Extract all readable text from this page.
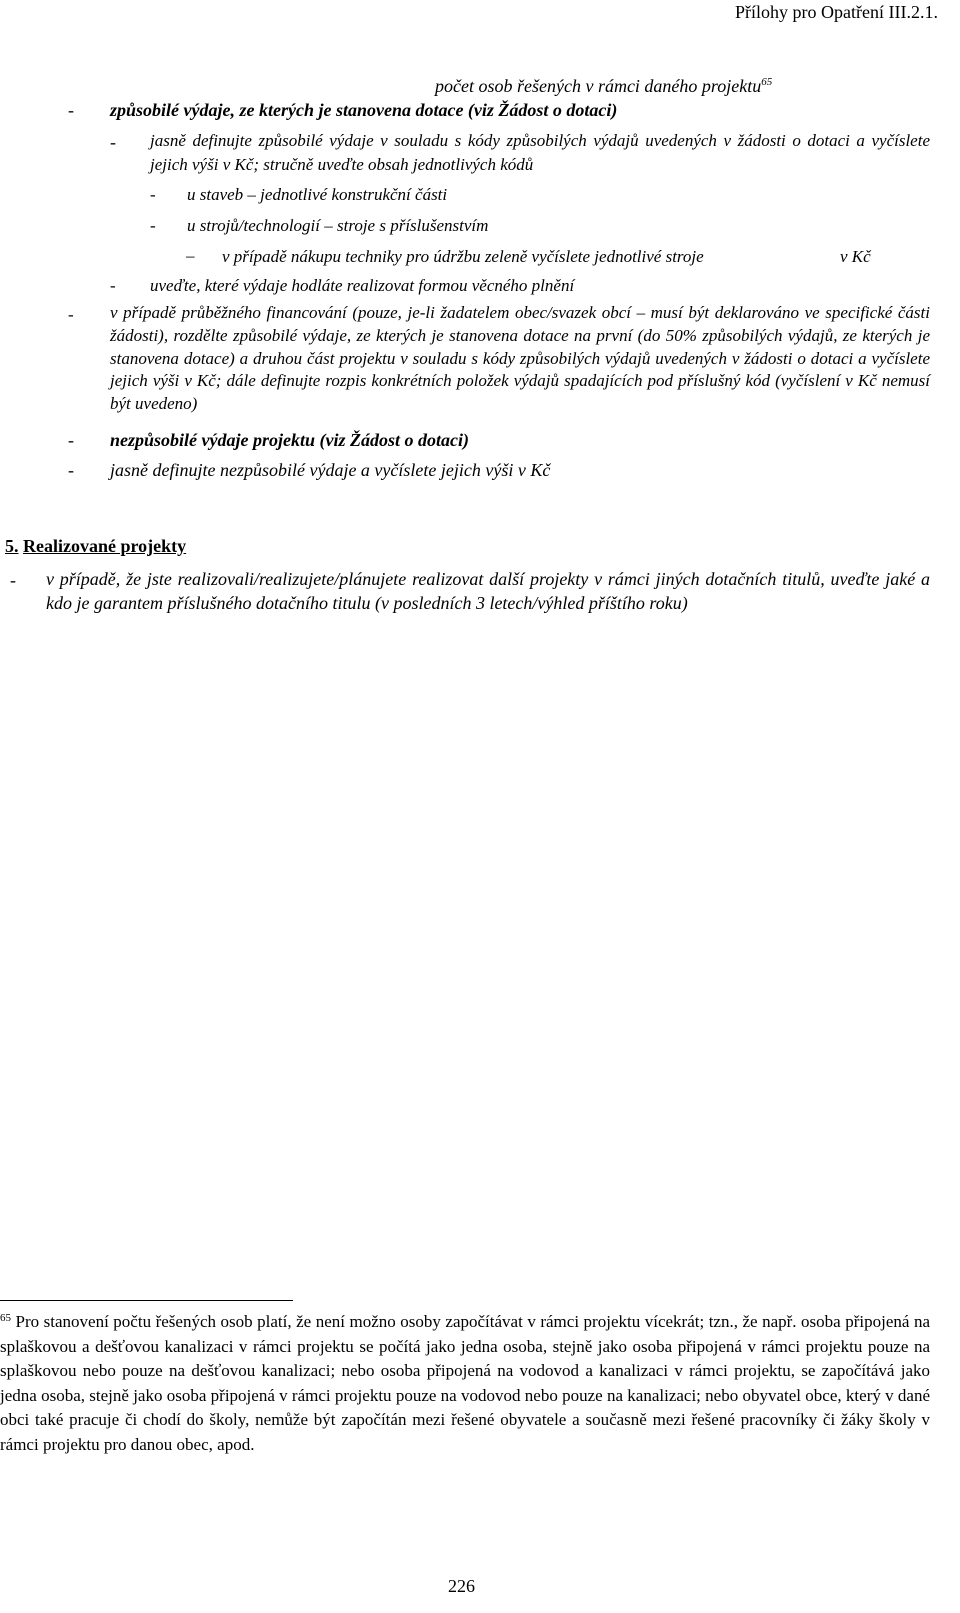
Přílohy pro Opatření III.2.1.
počet osob řešených v rámci daného projektu$^{65}$
- způsobilé výdaje, ze kterých je stanovena dotace (viz Žádost o dotaci)
- jasně definujte způsobilé výdaje v souladu s kódy způsobilých výdajů uvedených v žádosti o dotaci a vyčíslete jejich výši v Kč; stručně uveďte obsah jednotlivých kódů
- u staveb – jednotlivé konstrukční části
- u strojů/technologií – stroje s příslušenstvím
– v případě nákupu techniky pro údržbu zeleně vyčíslete jednotlivé stroje	v Kč
- uveďte, které výdaje hodláte realizovat formou věcného plnění
- v případě průběžného financování (pouze, je-li žadatelem obec/svazek obcí – musí být deklarováno ve specifické části žádosti), rozdělte způsobilé výdaje, ze kterých je stanovena dotace na první (do 50% způsobilých výdajů, ze kterých je stanovena dotace) a druhou část projektu v souladu s kódy způsobilých výdajů uvedených v žádosti o dotaci a vyčíslete jejich výši v Kč; dále definujte rozpis konkrétních položek výdajů spadajících pod příslušný kód (vyčíslení v Kč nemusí být uvedeno)
- nezpůsobilé výdaje projektu (viz Žádost o dotaci)
- jasně definujte nezpůsobilé výdaje a vyčíslete jejich výši v Kč
5. Realizované projekty
- v případě, že jste realizovali/realizujete/plánujete realizovat další projekty v rámci jiných dotačních titulů, uveďte jaké a kdo je garantem příslušného dotačního titulu (v posledních 3 letech/výhled příštího roku)
$^{65}$ Pro stanovení počtu řešených osob platí, že není možno osoby započítávat v rámci projektu vícekrát; tzn., že např. osoba připojená na splaškovou a dešťovou kanalizaci v rámci projektu se počítá jako jedna osoba, stejně jako osoba připojená v rámci projektu pouze na splaškovou nebo pouze na dešťovou kanalizaci; nebo osoba připojená na vodovod a kanalizaci v rámci projektu, se započítává jako jedna osoba, stejně jako osoba připojená v rámci projektu pouze na vodovod nebo pouze na kanalizaci; nebo obyvatel obce, který v dané obci také pracuje či chodí do školy, nemůže být započítán mezi řešené obyvatele a současně mezi řešené pracovníky či žáky školy v rámci projektu pro danou obec, apod.
226
